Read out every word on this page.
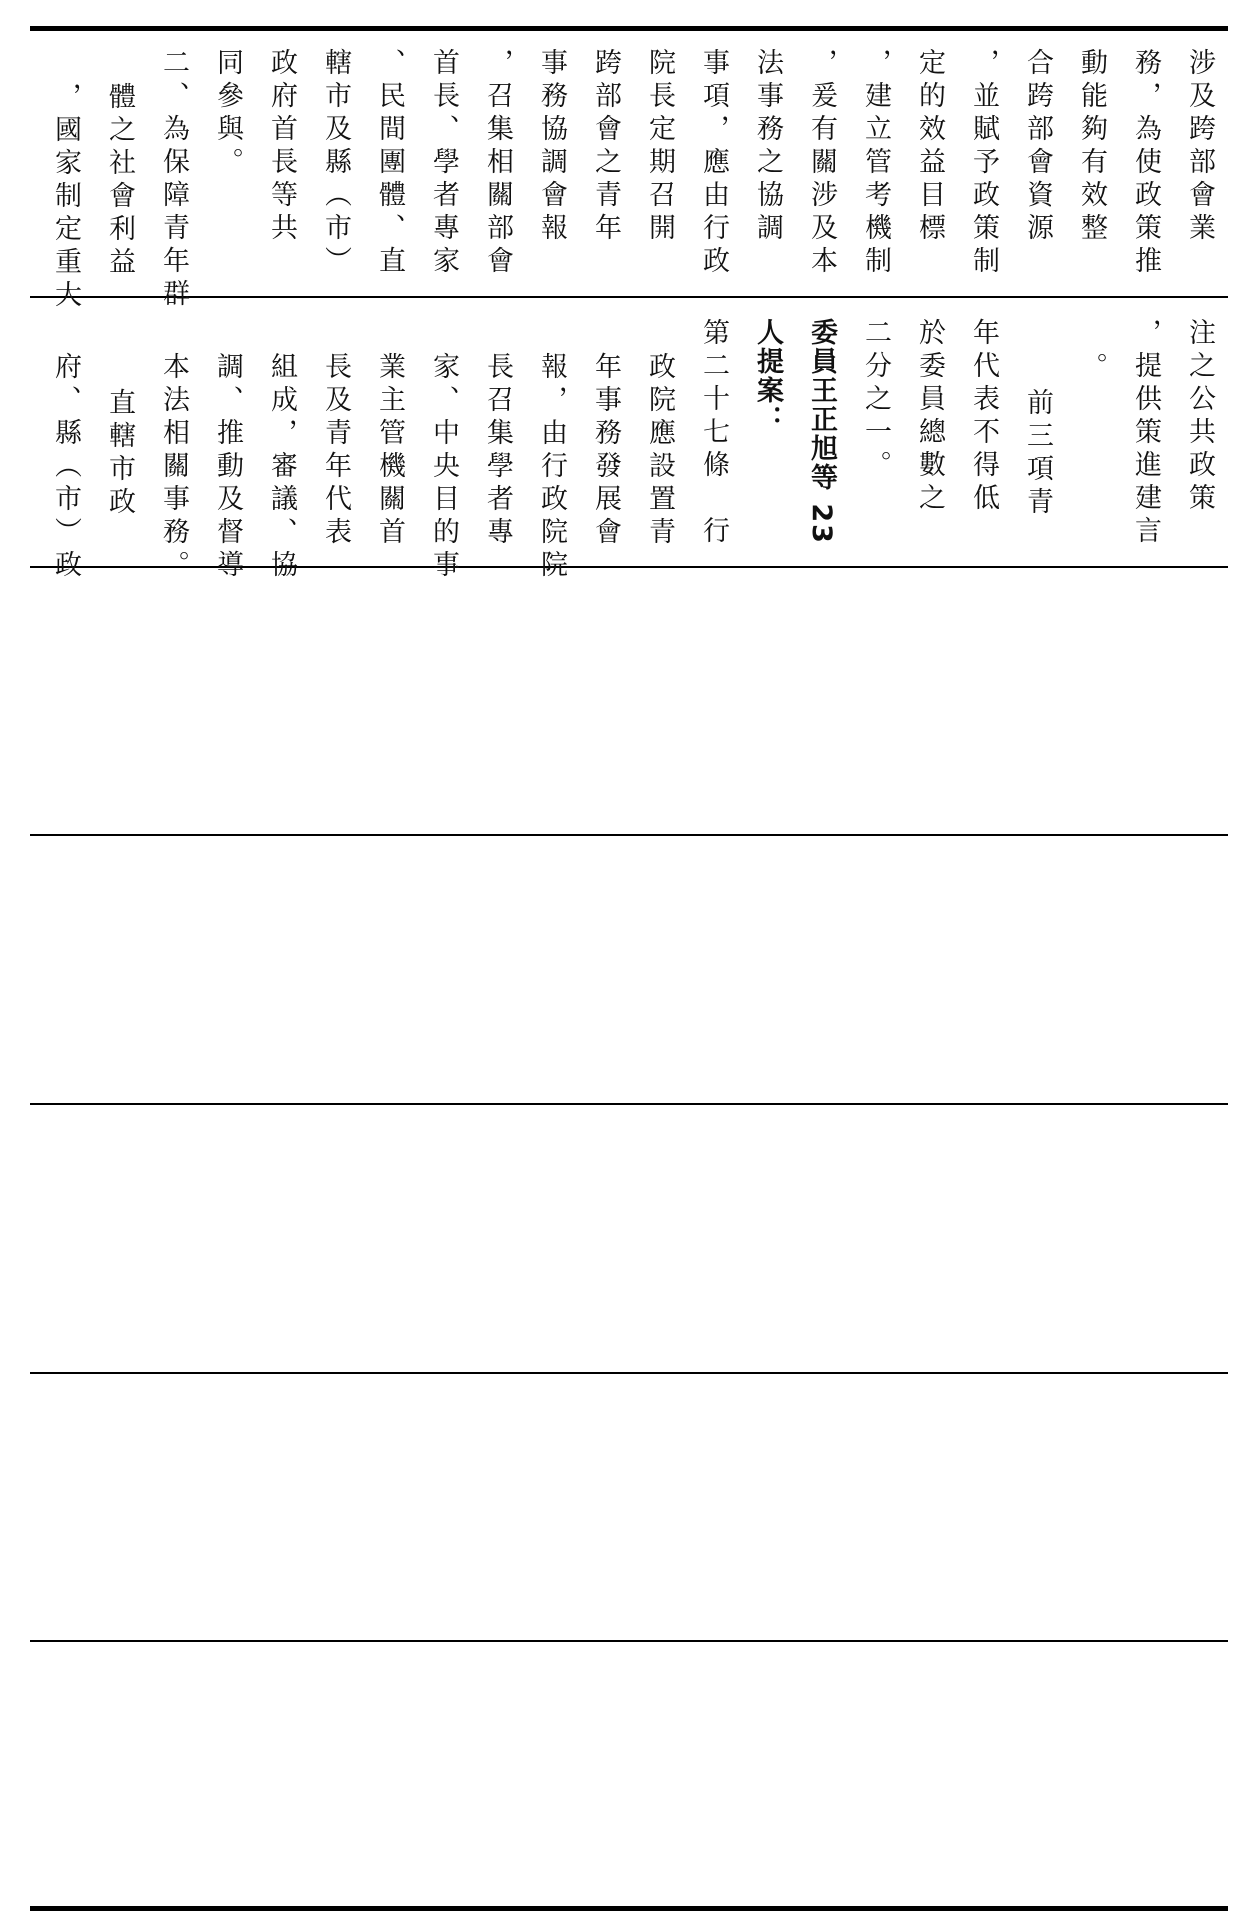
涉及跨部會業
務，為使政策推
動能夠有效整
合跨部會資源
，並賦予政策制
定的效益目標
，建立管考機制
，爰有關涉及本
法事務之協調
事項，應由行政
院長定期召開
跨部會之青年
事務協調會報
，召集相關部會
首長、學者專家
、民間團體、直
轄市及縣（市）
政府首長等共
同參與。
二、為保障青年群
體之社會利益
，國家制定重大
注之公共政策
，提供策進建言
。
前三項青
年代表不得低
於委員總數之
二分之一。
委員王正旭等 23
人提案：
第二十七條　行
政院應設置青
年事務發展會
報，由行政院院
長召集學者專
家、中央目的事
業主管機關首
長及青年代表
組成，審議、協
調、推動及督導
本法相關事務。
直轄市政
府、縣（市）政
